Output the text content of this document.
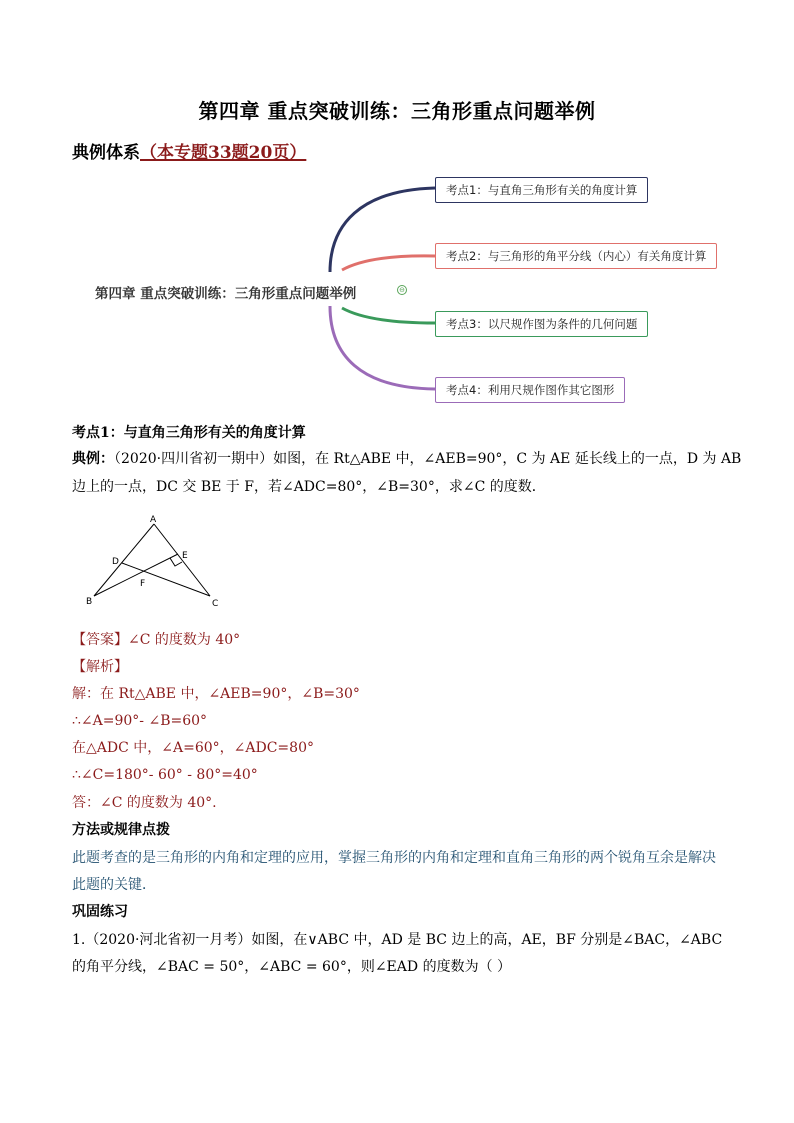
第四章 重点突破训练：三角形重点问题举例
典例体系（本专题33题20页）
第四章 重点突破训练：三角形重点问题举例	⊖
考点1：与直角三角形有关的角度计算
考点2：与三角形的角平分线（内心）有关角度计算
考点3：以尺规作图为条件的几何问题
考点4：利用尺规作图作其它图形
考点1：与直角三角形有关的角度计算
典例：（2020·四川省初一期中）如图，在 Rt△ABE 中，∠AEB=90°，C 为 AE 延长线上的一点，D 为 AB
边上的一点，DC 交 BE 于 F，若∠ADC=80°，∠B=30°，求∠C 的度数．
A
D
E
F
B	C
【答案】∠C 的度数为 40°
【解析】
解：在 Rt△ABE 中，∠AEB=90°，∠B=30°
∴∠A=90°- ∠B=60°
在△ADC 中，∠A=60°，∠ADC=80°
∴∠C=180°- 60° - 80°=40°
答：∠C 的度数为 40°.
方法或规律点拨
此题考查的是三角形的内角和定理的应用，掌握三角形的内角和定理和直角三角形的两个锐角互余是解决
此题的关键．
巩固练习
1.（2020·河北省初一月考）如图，在∨ABC 中，AD 是 BC 边上的高，AE，BF 分别是∠BAC，∠ABC
的角平分线，∠BAC = 50°，∠ABC = 60°，则∠EAD 的度数为（ ）
